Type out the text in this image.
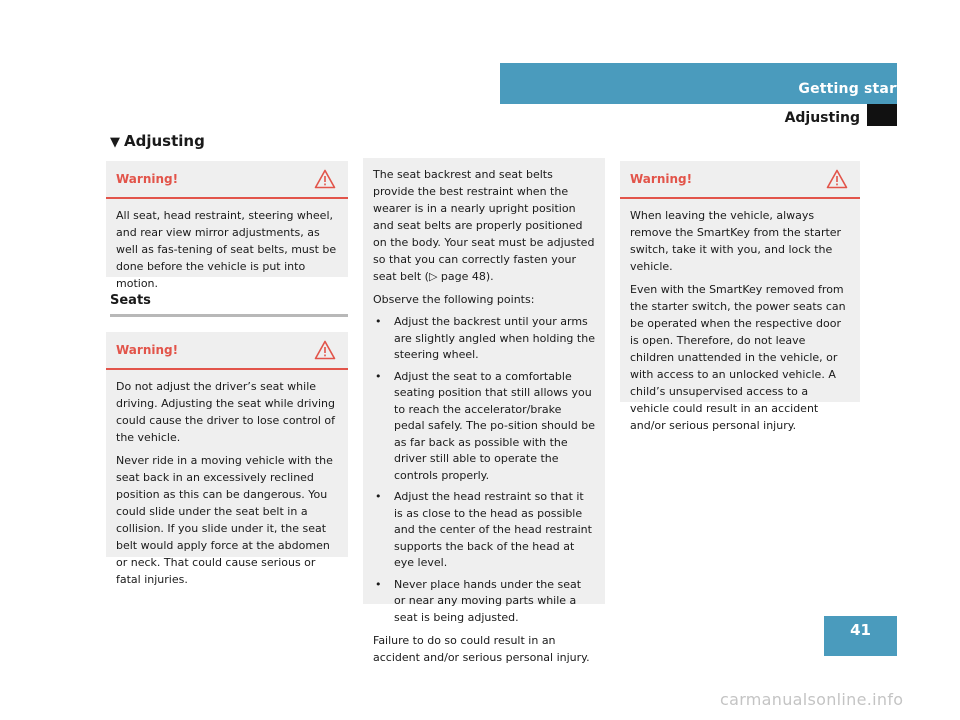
Getting started
Adjusting
▼ Adjusting
Warning!

All seat, head restraint, steering wheel, and rear view mirror adjustments, as well as fas-tening of seat belts, must be done before the vehicle is put into motion.

Seats
Warning!

Do not adjust the driver’s seat while driving. Adjusting the seat while driving could cause the driver to lose control of the vehicle.

Never ride in a moving vehicle with the seat back in an excessively reclined position as this can be dangerous. You could slide under the seat belt in a collision. If you slide under it, the seat belt would apply force at the abdomen or neck. That could cause serious or fatal injuries.

The seat backrest and seat belts provide the best restraint when the wearer is in a nearly upright position and seat belts are properly positioned on the body. Your seat must be adjusted so that you can correctly fasten your seat belt (▷ page 48).

Observe the following points:

• Adjust the backrest until your arms are slightly angled when holding the steering wheel.
• Adjust the seat to a comfortable seating position that still allows you to reach the accelerator/brake pedal safely. The po-sition should be as far back as possible with the driver still able to operate the controls properly.
• Adjust the head restraint so that it is as close to the head as possible and the center of the head restraint supports the back of the head at eye level.
• Never place hands under the seat or near any moving parts while a seat is being adjusted.

Failure to do so could result in an accident and/or serious personal injury.

Warning!

When leaving the vehicle, always remove the SmartKey from the starter switch, take it with you, and lock the vehicle.

Even with the SmartKey removed from the starter switch, the power seats can be operated when the respective door is open. Therefore, do not leave children unattended in the vehicle, or with access to an unlocked vehicle. A child’s unsupervised access to a vehicle could result in an accident and/or serious personal injury.

41
carmanualsonline.info
